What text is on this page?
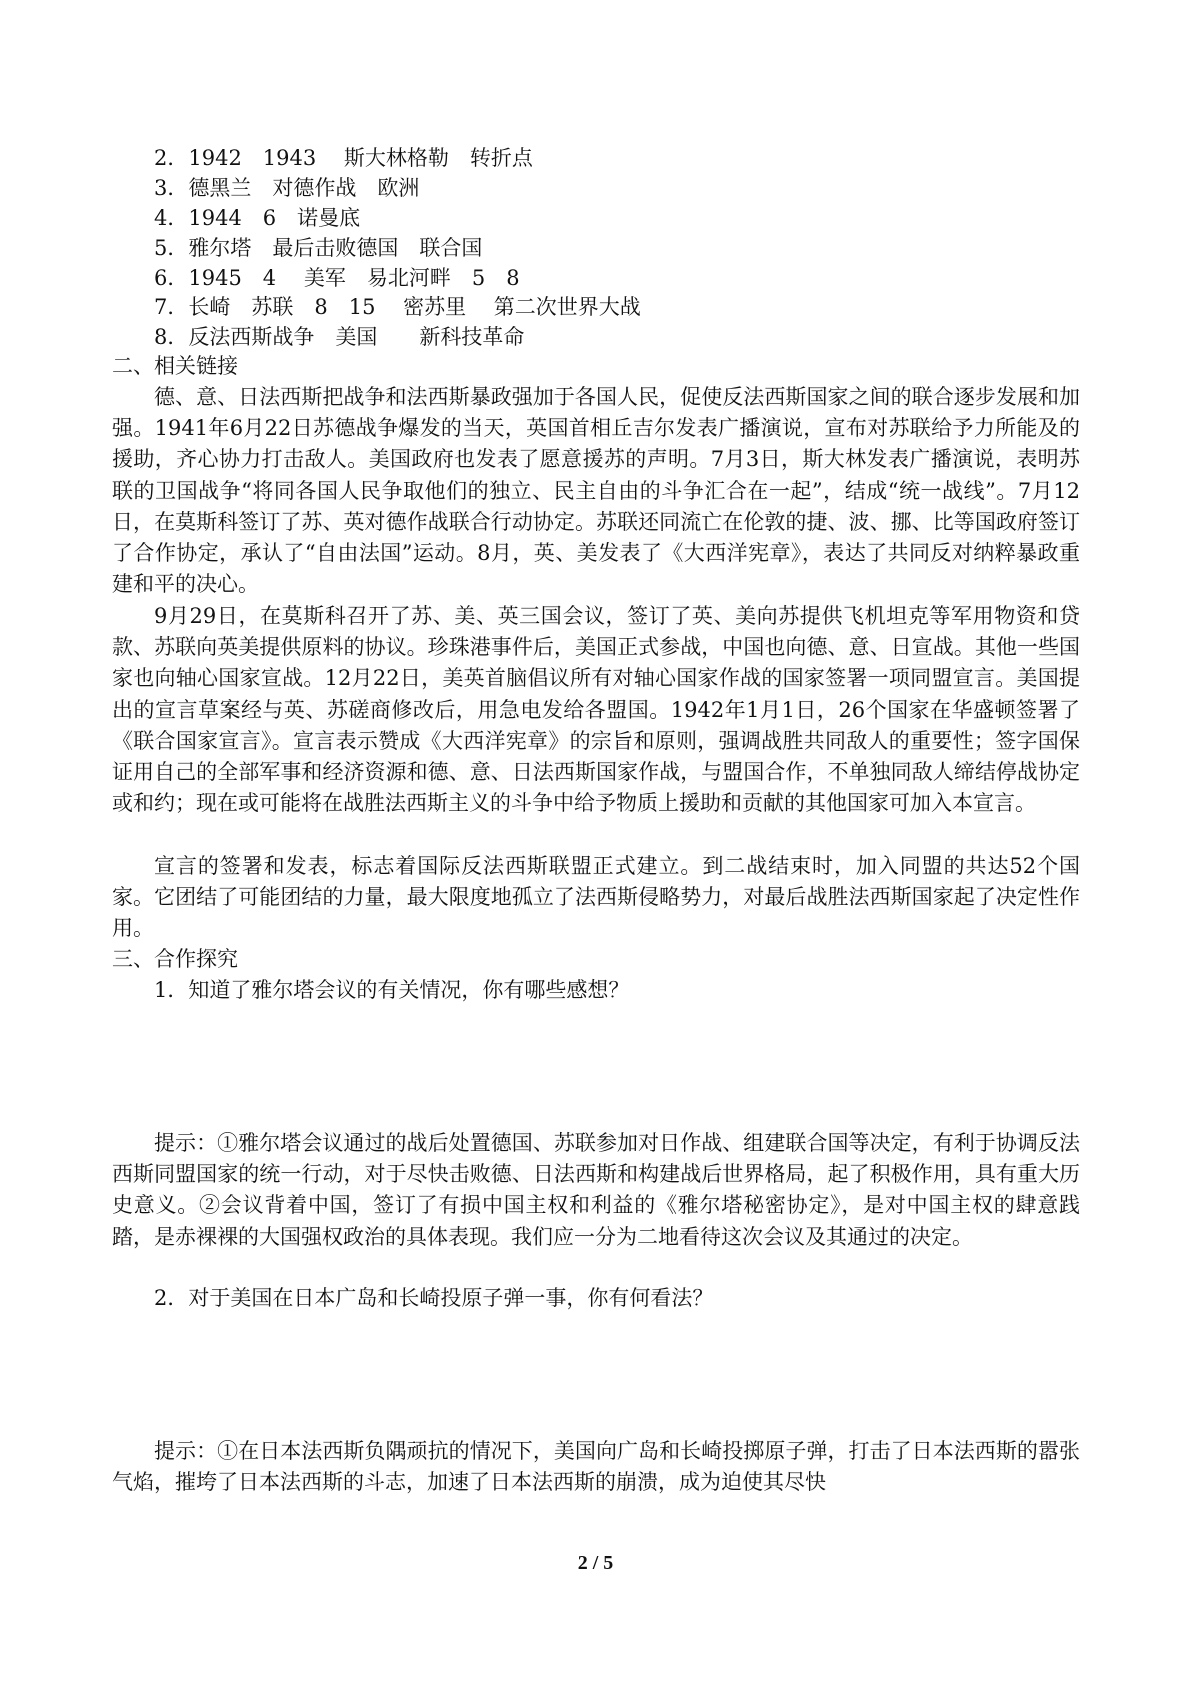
2．1942　1943　 斯大林格勒　转折点
3．德黑兰　对德作战　欧洲
4．1944　6　诺曼底
5．雅尔塔　最后击败德国　联合国
6．1945　4　 美军　易北河畔　5　8
7．长崎　苏联　8　15　 密苏里　 第二次世界大战
8．反法西斯战争　美国　　新科技革命
二、相关链接
德、意、日法西斯把战争和法西斯暴政强加于各国人民，促使反法西斯国家之间的联合逐步发展和加强。1941年6月22日苏德战争爆发的当天，英国首相丘吉尔发表广播演说，宣布对苏联给予力所能及的援助，齐心协力打击敌人。美国政府也发表了愿意援苏的声明。7月3日，斯大林发表广播演说，表明苏联的卫国战争“将同各国人民争取他们的独立、民主自由的斗争汇合在一起”，结成“统一战线”。7月12日，在莫斯科签订了苏、英对德作战联合行动协定。苏联还同流亡在伦敦的捷、波、挪、比等国政府签订了合作协定，承认了“自由法国”运动。8月，英、美发表了《大西洋宪章》，表达了共同反对纳粹暴政重建和平的决心。
9月29日，在莫斯科召开了苏、美、英三国会议，签订了英、美向苏提供飞机坦克等军用物资和贷款、苏联向英美提供原料的协议。珍珠港事件后，美国正式参战，中国也向德、意、日宣战。其他一些国家也向轴心国家宣战。12月22日，美英首脑倡议所有对轴心国家作战的国家签署一项同盟宣言。美国提出的宣言草案经与英、苏磋商修改后，用急电发给各盟国。1942年1月1日，26个国家在华盛顿签署了《联合国家宣言》。宣言表示赞成《大西洋宪章》的宗旨和原则，强调战胜共同敌人的重要性；签字国保证用自己的全部军事和经济资源和德、意、日法西斯国家作战，与盟国合作，不单独同敌人缔结停战协定或和约；现在或可能将在战胜法西斯主义的斗争中给予物质上援助和贡献的其他国家可加入本宣言。
宣言的签署和发表，标志着国际反法西斯联盟正式建立。到二战结束时，加入同盟的共达52个国家。它团结了可能团结的力量，最大限度地孤立了法西斯侵略势力，对最后战胜法西斯国家起了决定性作用。
三、合作探究
1．知道了雅尔塔会议的有关情况，你有哪些感想？
提示：①雅尔塔会议通过的战后处置德国、苏联参加对日作战、组建联合国等决定，有利于协调反法西斯同盟国家的统一行动，对于尽快击败德、日法西斯和构建战后世界格局，起了积极作用，具有重大历史意义。②会议背着中国，签订了有损中国主权和利益的《雅尔塔秘密协定》，是对中国主权的肆意践踏，是赤裸裸的大国强权政治的具体表现。我们应一分为二地看待这次会议及其通过的决定。
2．对于美国在日本广岛和长崎投原子弹一事，你有何看法？
提示：①在日本法西斯负隅顽抗的情况下，美国向广岛和长崎投掷原子弹，打击了日本法西斯的嚣张气焰，摧垮了日本法西斯的斗志，加速了日本法西斯的崩溃，成为迫使其尽快
2 / 5
